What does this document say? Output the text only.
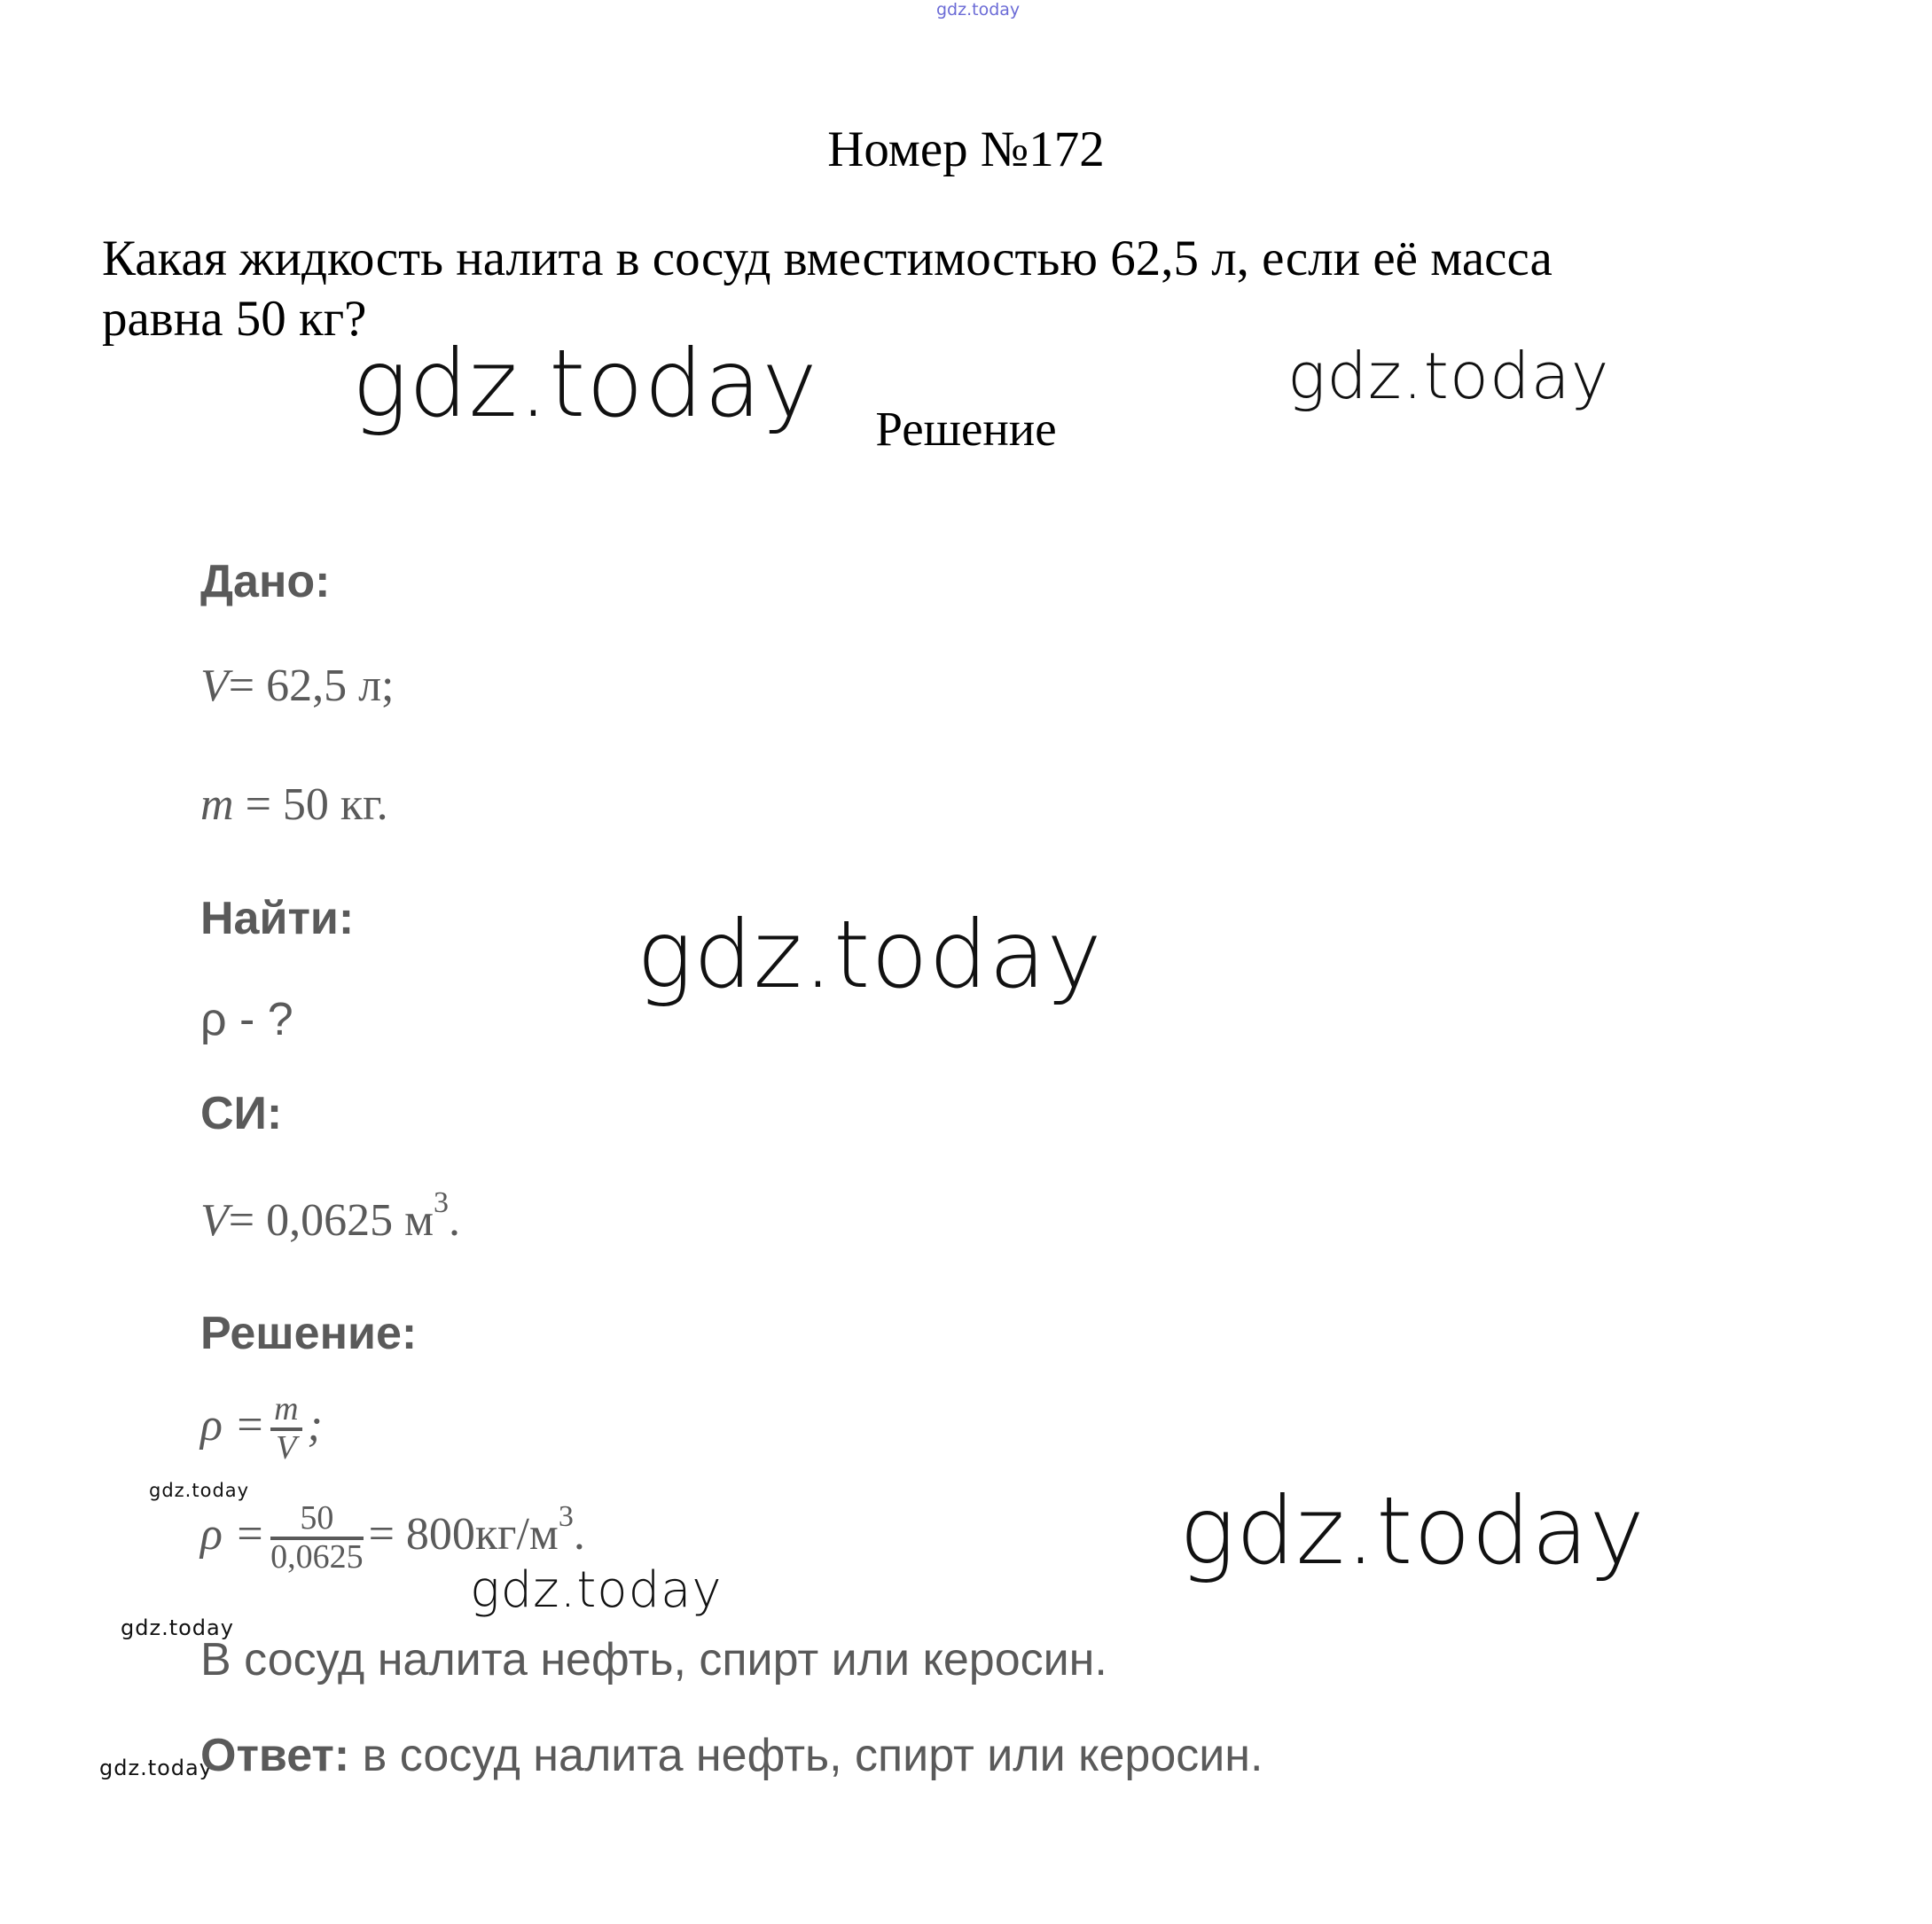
gdz.today
Номер №172
Какая жидкость налита в сосуд вместимостью 62,5 л, если её масса
равна 50 кг?
Решение
gdz.today	gdz.today
gdz.today
gdz.today
gdz.today
gdz.today
gdz.today
gdz.today
Дано:
V= 62,5 л;
m = 50 кг.
Найти:
ρ - ?
СИ:
V= 0,0625 $м^3$.
Решение:
$\rho = \frac{m}{V}$ ;
$\rho = \frac{50}{0,0625} = 800кг/м^3$.
В сосуд налита нефть, спирт или керосин.
Ответ: в сосуд налита нефть, спирт или керосин.
